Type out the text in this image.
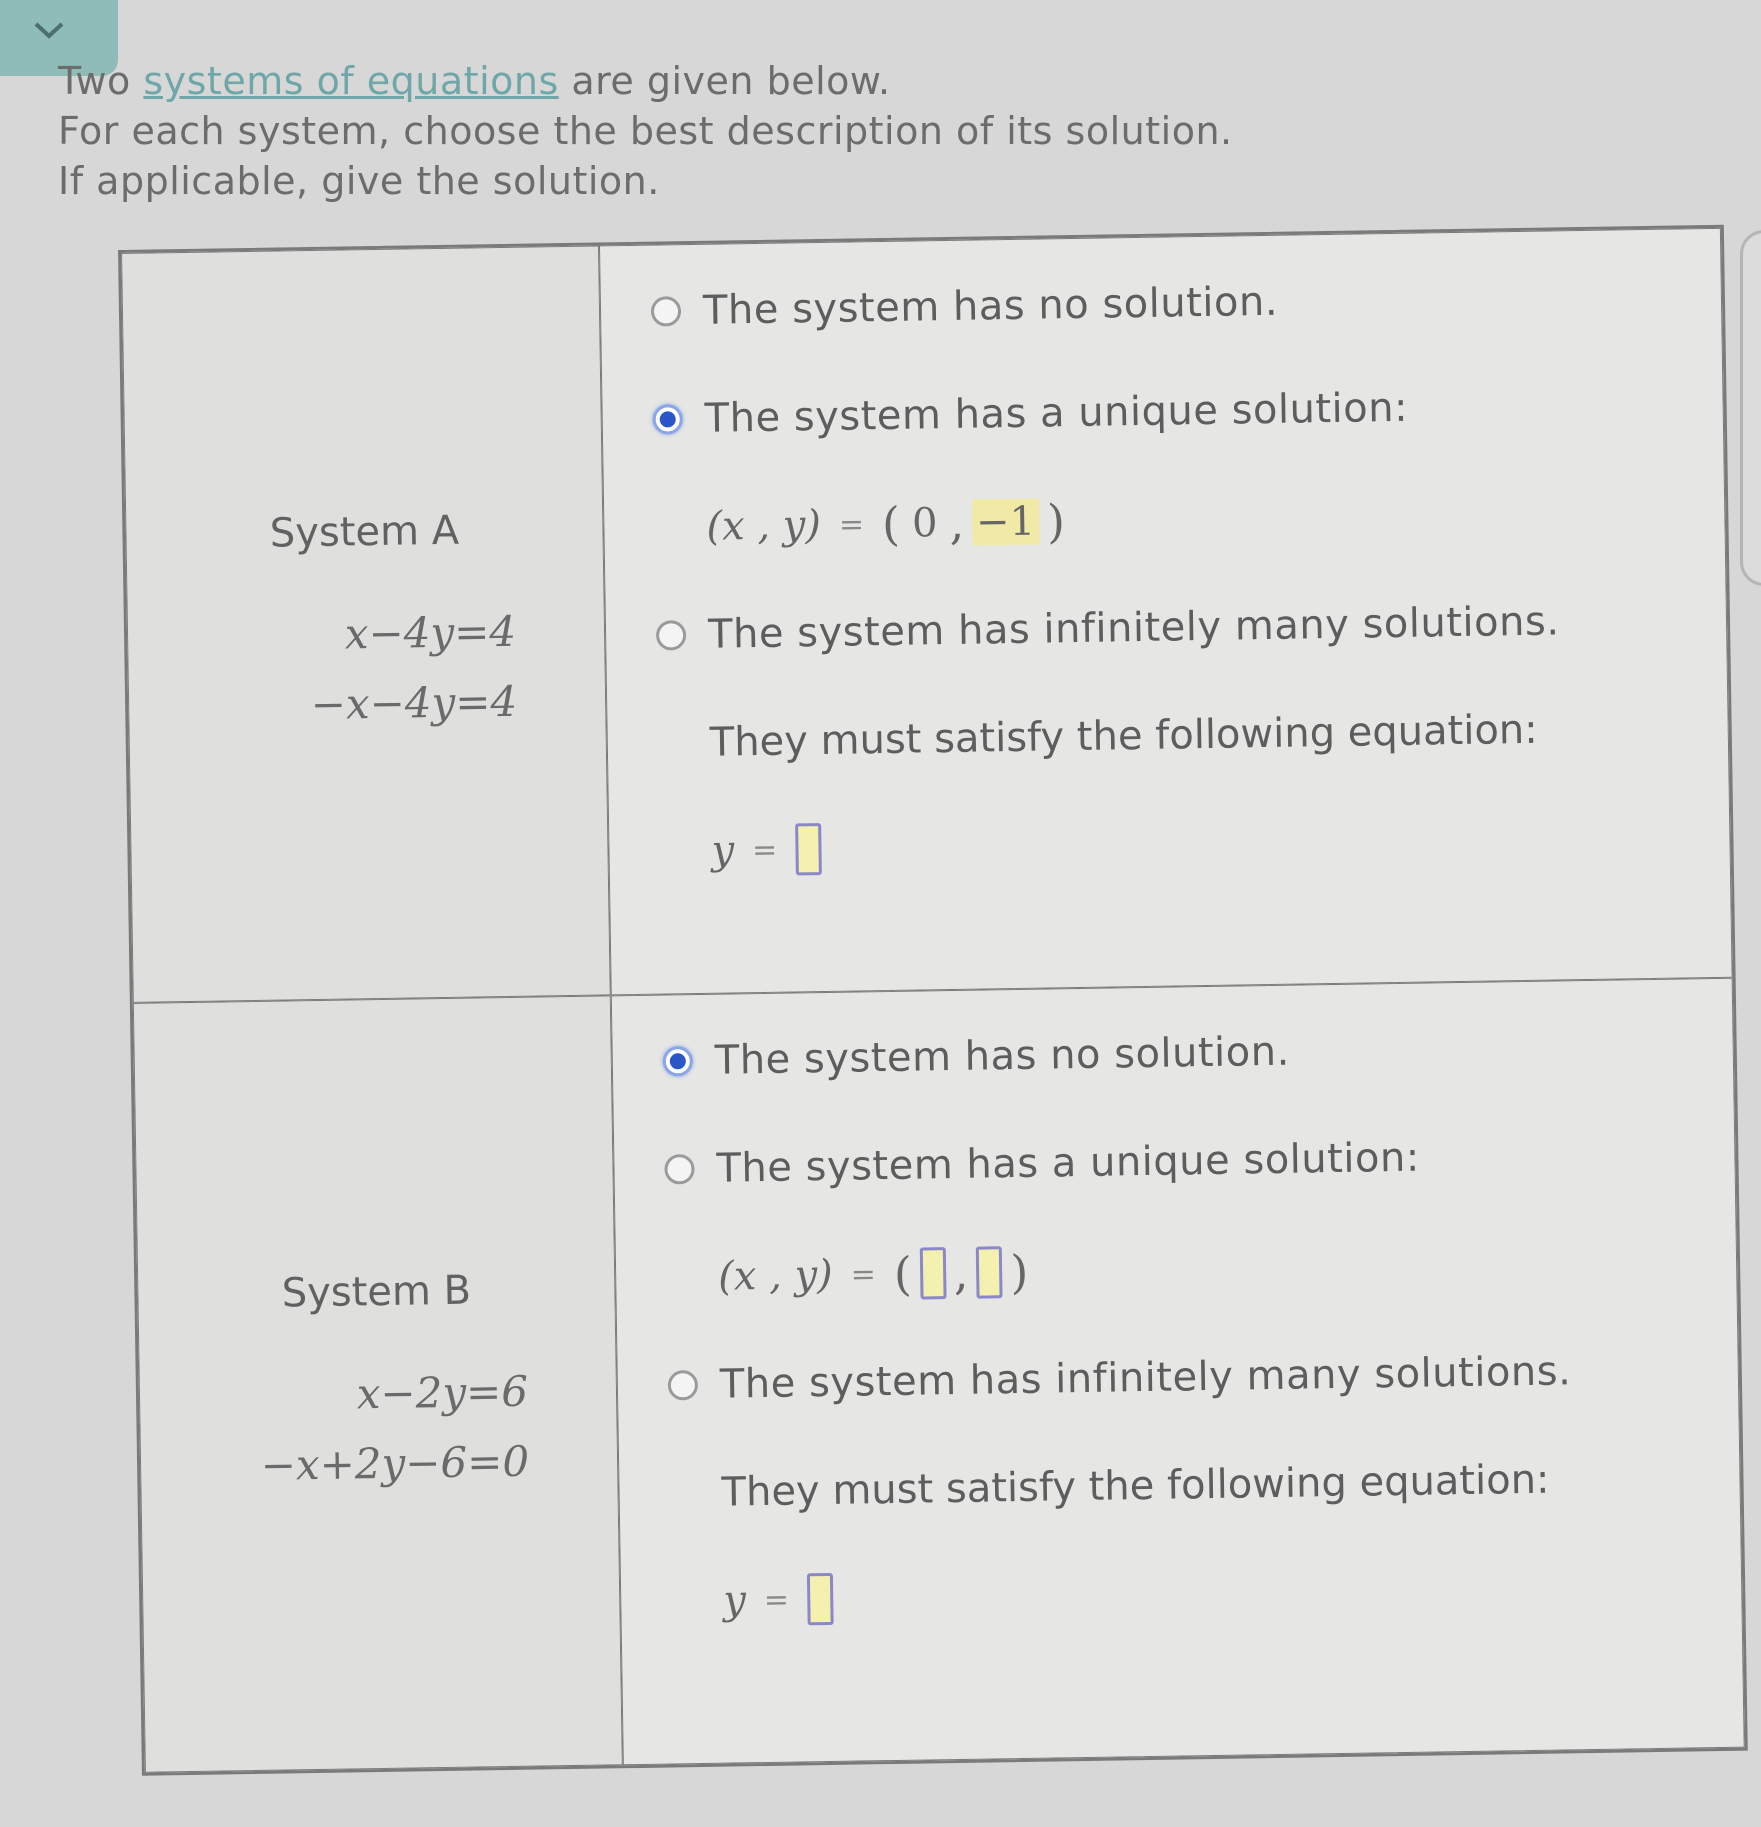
Two systems of equations are given below.

For each system, choose the best description of its solution.

If applicable, give the solution.

System A
x−4y=4
−x−4y=4
The system has no solution.
The system has a unique solution:
(x , y) = ( 0 , −1 )
The system has infinitely many solutions.
They must satisfy the following equation:
y =
System B
x−2y=6
−x+2y−6=0
The system has no solution.
The system has a unique solution:
(x , y) = ( , )
The system has infinitely many solutions.
They must satisfy the following equation:
y =
